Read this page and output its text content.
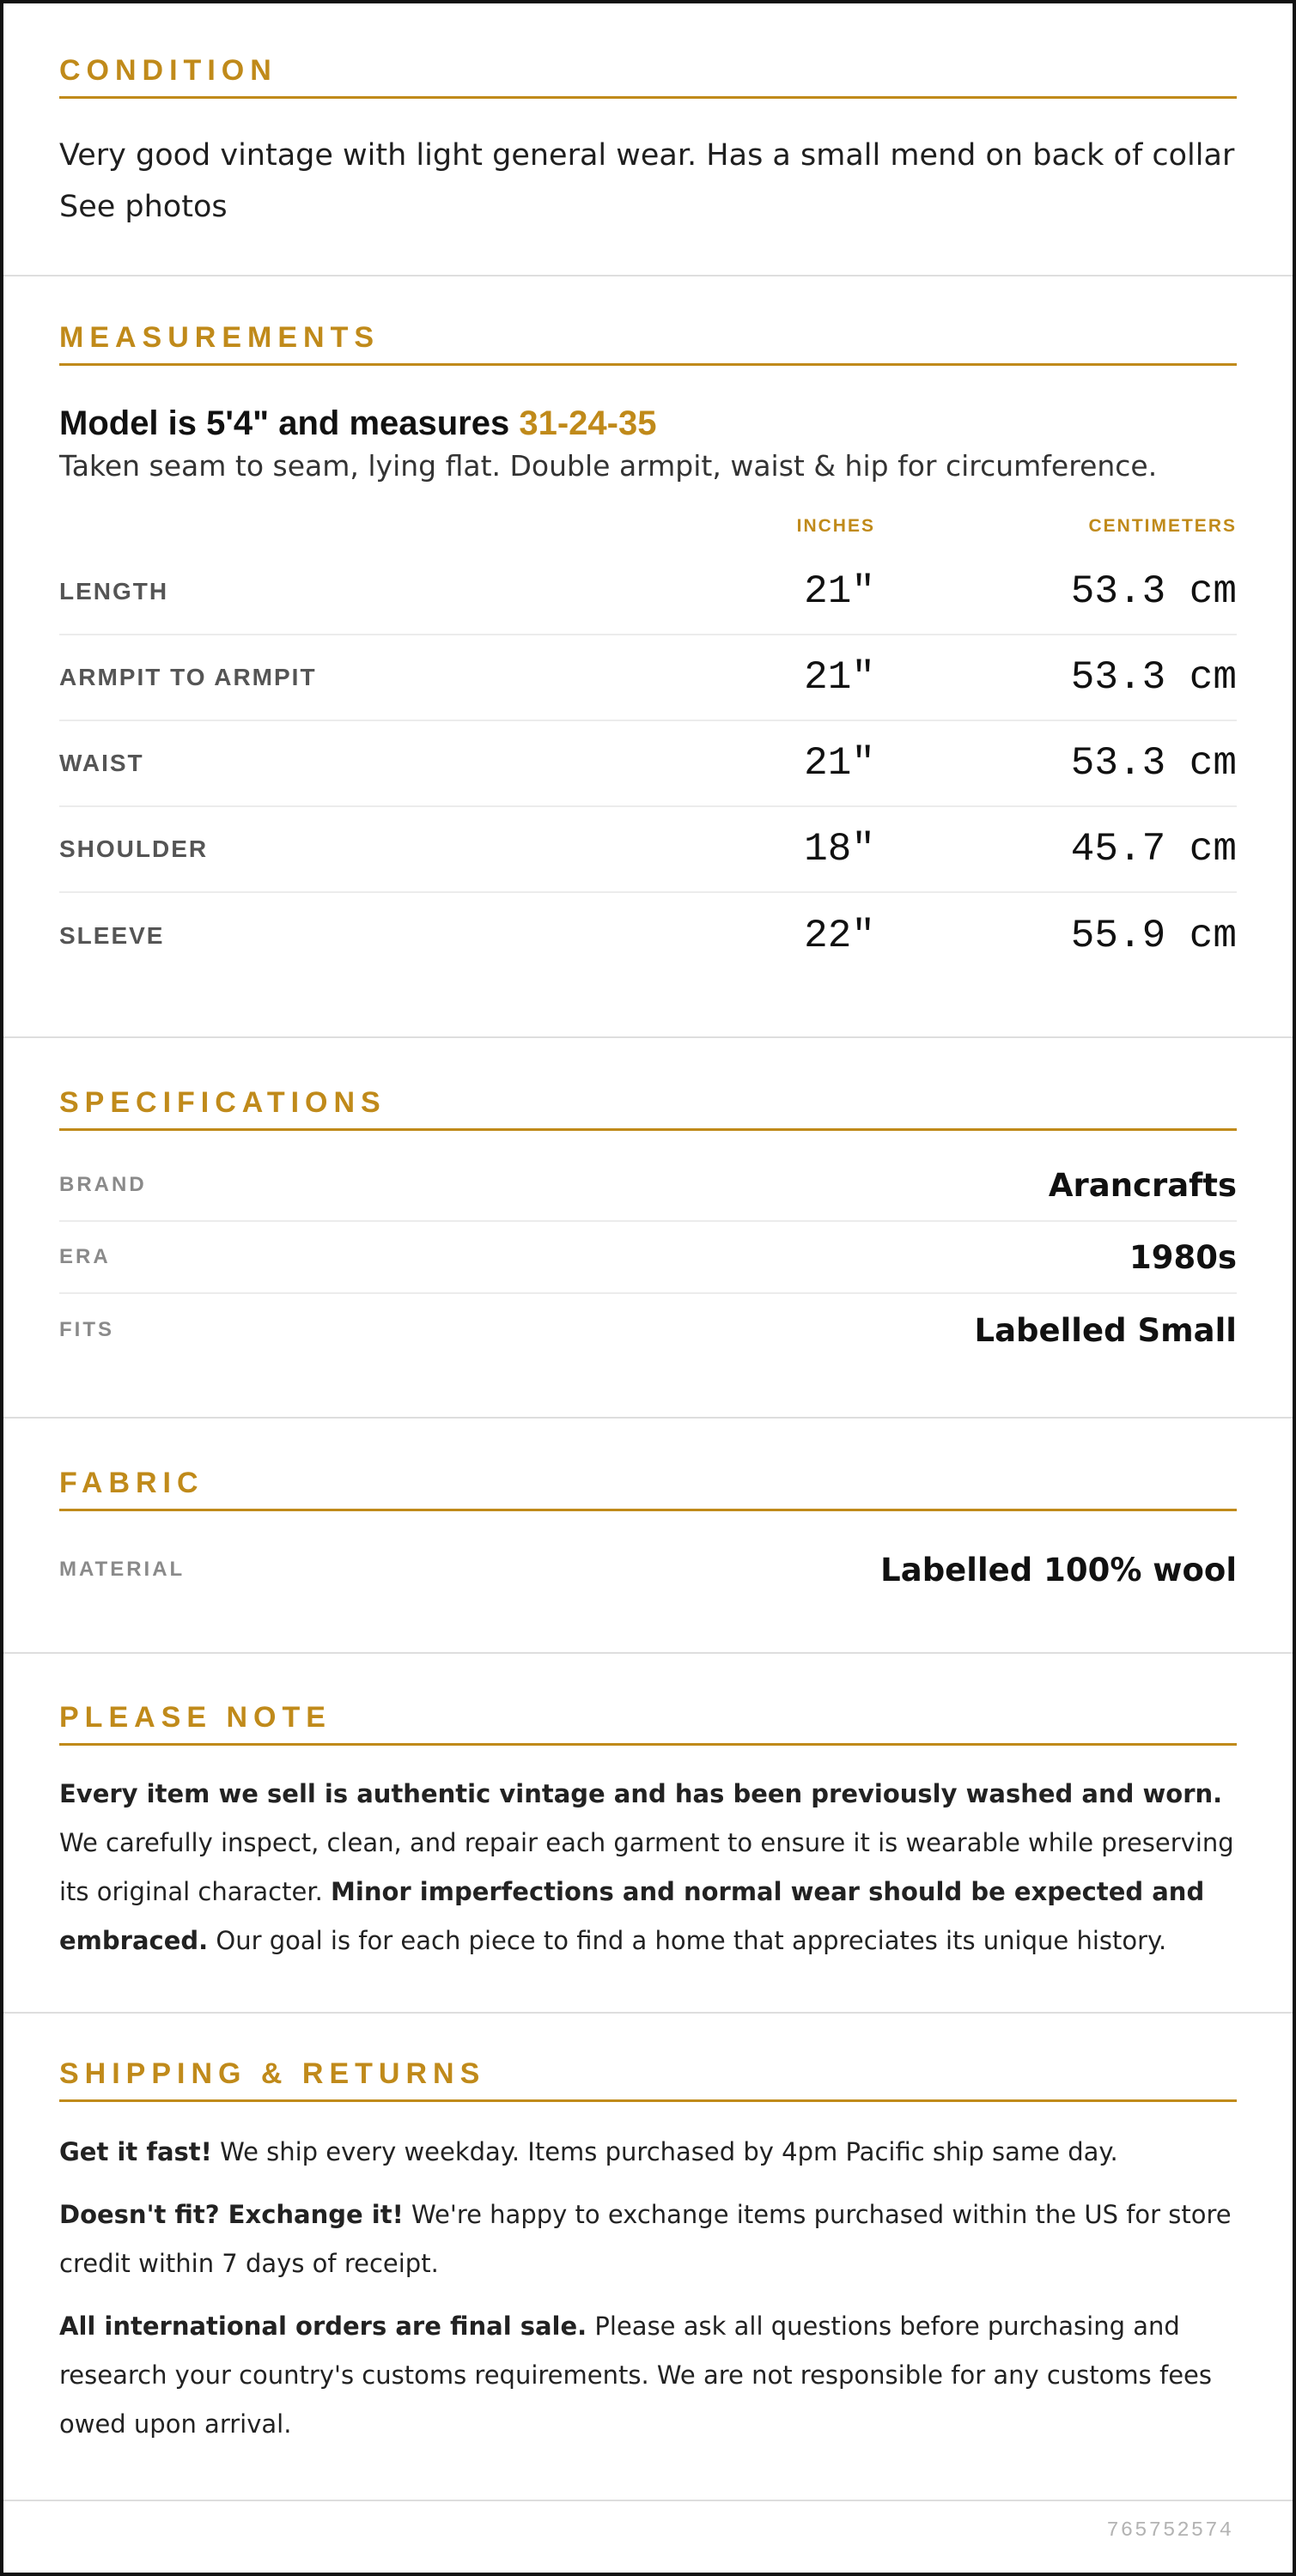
CONDITION

Very good vintage with light general wear. Has a small mend on back of collar See photos

MEASUREMENTS
Model is 5'4" and measures 31-24-35

Taken seam to seam, lying flat. Double armpit, waist & hip for circumference.

INCHES	CENTIMETERS
LENGTH	21"	53.3 cm
ARMPIT TO ARMPIT	21"	53.3 cm
WAIST	21"	53.3 cm
SHOULDER	18"	45.7 cm
SLEEVE	22"	55.9 cm
SPECIFICATIONS
BRAND	Arancrafts
ERA	1980s
FITS	Labelled Small
FABRIC
MATERIAL	Labelled 100% wool
PLEASE NOTE

Every item we sell is authentic vintage and has been previously washed and worn. We carefully inspect, clean, and repair each garment to ensure it is wearable while preserving its original character. Minor imperfections and normal wear should be expected and embraced. Our goal is for each piece to find a home that appreciates its unique history.

SHIPPING & RETURNS

Get it fast! We ship every weekday. Items purchased by 4pm Pacific ship same day.

Doesn't fit? Exchange it! We're happy to exchange items purchased within the US for store credit within 7 days of receipt.

All international orders are final sale. Please ask all questions before purchasing and research your country's customs requirements. We are not responsible for any customs fees owed upon arrival.

765752574
